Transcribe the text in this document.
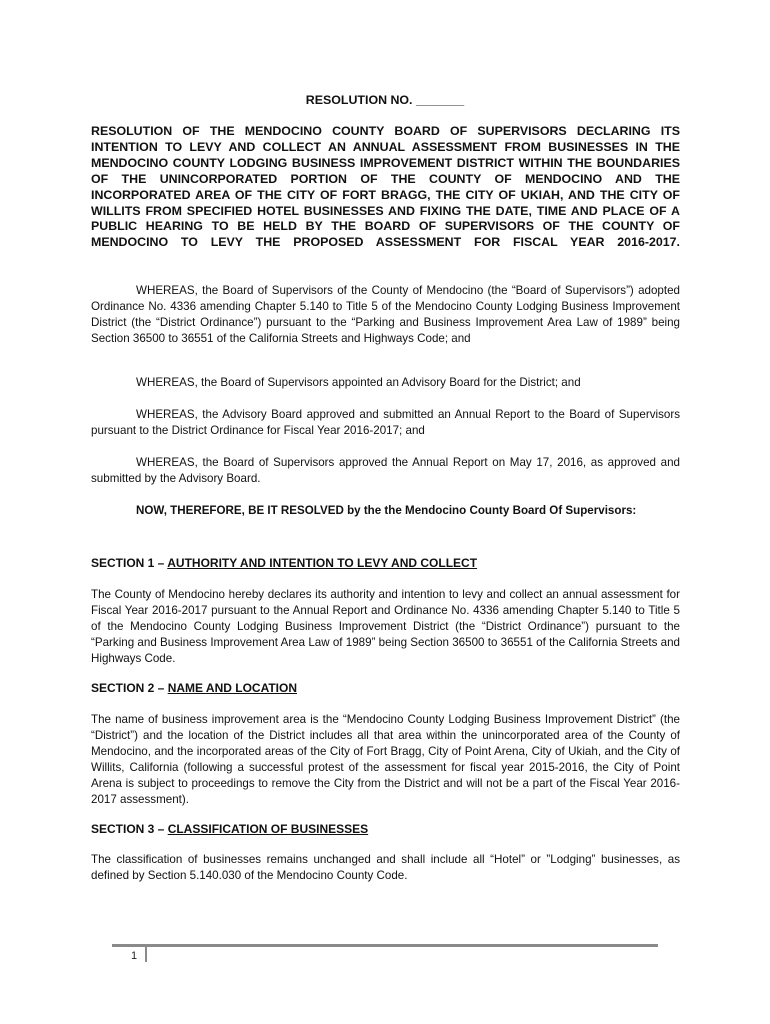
RESOLUTION NO. _______
RESOLUTION OF THE MENDOCINO COUNTY BOARD OF SUPERVISORS DECLARING ITS INTENTION TO LEVY AND COLLECT AN ANNUAL ASSESSMENT FROM BUSINESSES IN THE MENDOCINO COUNTY LODGING BUSINESS IMPROVEMENT DISTRICT WITHIN THE BOUNDARIES OF THE UNINCORPORATED PORTION OF THE COUNTY OF MENDOCINO AND THE INCORPORATED AREA OF THE CITY OF FORT BRAGG, THE CITY OF UKIAH, AND THE CITY OF WILLITS FROM SPECIFIED HOTEL BUSINESSES AND FIXING THE DATE, TIME AND PLACE OF A PUBLIC HEARING TO BE HELD BY THE BOARD OF SUPERVISORS OF THE COUNTY OF MENDOCINO TO LEVY THE PROPOSED ASSESSMENT FOR FISCAL YEAR 2016-2017.
WHEREAS, the Board of Supervisors of the County of Mendocino (the “Board of Supervisors”) adopted Ordinance No. 4336 amending Chapter 5.140 to Title 5 of the Mendocino County Lodging Business Improvement District (the “District Ordinance”) pursuant to the “Parking and Business Improvement Area Law of 1989” being Section 36500 to 36551 of the California Streets and Highways Code; and
WHEREAS, the Board of Supervisors appointed an Advisory Board for the District; and
WHEREAS, the Advisory Board approved and submitted an Annual Report to the Board of Supervisors pursuant to the District Ordinance for Fiscal Year 2016-2017; and
WHEREAS, the Board of Supervisors approved the Annual Report on May 17, 2016, as approved and submitted by the Advisory Board.
NOW, THEREFORE, BE IT RESOLVED by the the Mendocino County Board Of Supervisors:
SECTION 1 – AUTHORITY AND INTENTION TO LEVY AND COLLECT
The County of Mendocino hereby declares its authority and intention to levy and collect an annual assessment for Fiscal Year 2016-2017 pursuant to the Annual Report and Ordinance No. 4336 amending Chapter 5.140 to Title 5 of the Mendocino County Lodging Business Improvement District (the “District Ordinance”) pursuant to the “Parking and Business Improvement Area Law of 1989” being Section 36500 to 36551 of the California Streets and Highways Code.
SECTION 2 – NAME AND LOCATION
The name of business improvement area is the “Mendocino County Lodging Business Improvement District” (the “District”) and the location of the District includes all that area within the unincorporated area of the County of Mendocino, and the incorporated areas of the City of Fort Bragg, City of Point Arena, City of Ukiah, and the City of Willits, California (following a successful protest of the assessment for fiscal year 2015-2016, the City of Point Arena is subject to proceedings to remove the City from the District and will not be a part of the Fiscal Year 2016-2017 assessment).
SECTION 3 – CLASSIFICATION OF BUSINESSES
The classification of businesses remains unchanged and shall include all “Hotel” or ”Lodging” businesses, as defined by Section 5.140.030 of the Mendocino County Code.
1
